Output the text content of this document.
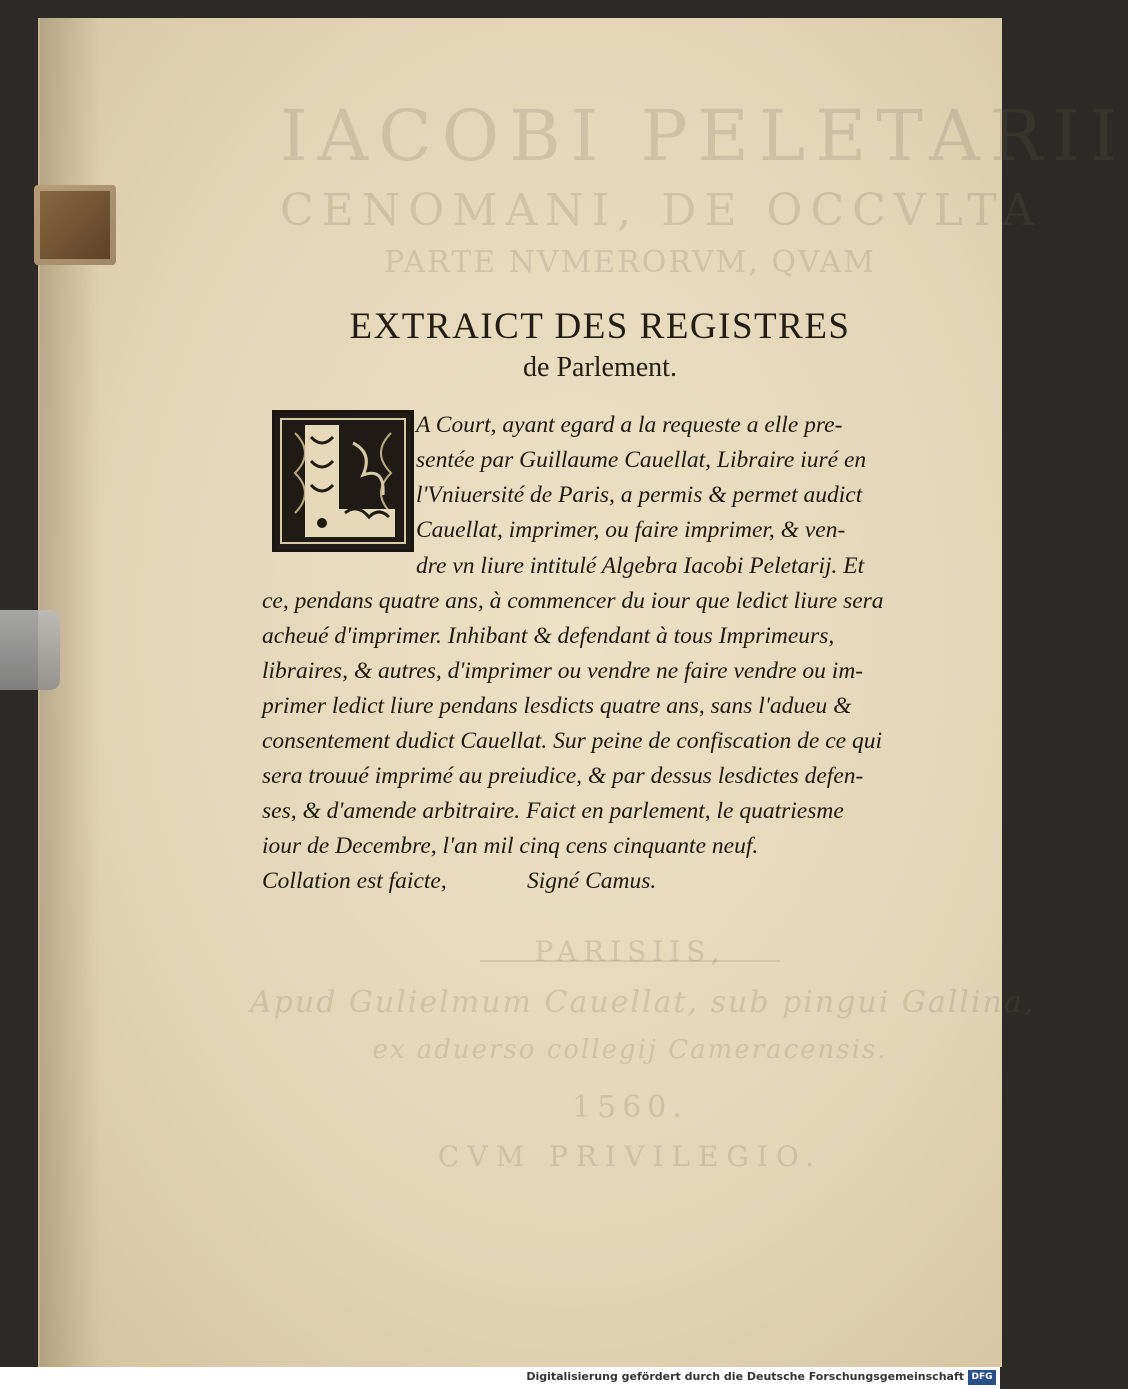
IACOBI PELETARII
CENOMANI, DE OCCVLTA
PARTE NVMERORVM, QVAM
PARISIIS,
Apud Gulielmum Cauellat, sub pingui Gallina,
ex aduerso collegij Cameracensis.
1560.
CVM PRIVILEGIO.
EXTRAICT DES REGISTRES
de Parlement.
A Court, ayant egard a la requeste a elle pre-
sentée par Guillaume Cauellat, Libraire iuré en
l'Vniuersité de Paris, a permis & permet audict
Cauellat, imprimer, ou faire imprimer, & ven-
dre vn liure intitulé Algebra Iacobi Peletarij. Et
ce, pendans quatre ans, à commencer du iour que ledict liure sera
acheué d'imprimer. Inhibant & defendant à tous Imprimeurs,
libraires, & autres, d'imprimer ou vendre ne faire vendre ou im-
primer ledict liure pendans lesdicts quatre ans, sans l'adueu &
consentement dudict Cauellat. Sur peine de confiscation de ce qui
sera trouué imprimé au preiudice, & par dessus lesdictes defen-
ses, & d'amende arbitraire. Faict en parlement, le quatriesme
iour de Decembre, l'an mil cinq cens cinquante neuf.
Collation est faicte,	Signé Camus.
Digitalisierung gefördert durch die Deutsche Forschungsgemeinschaft DFG
